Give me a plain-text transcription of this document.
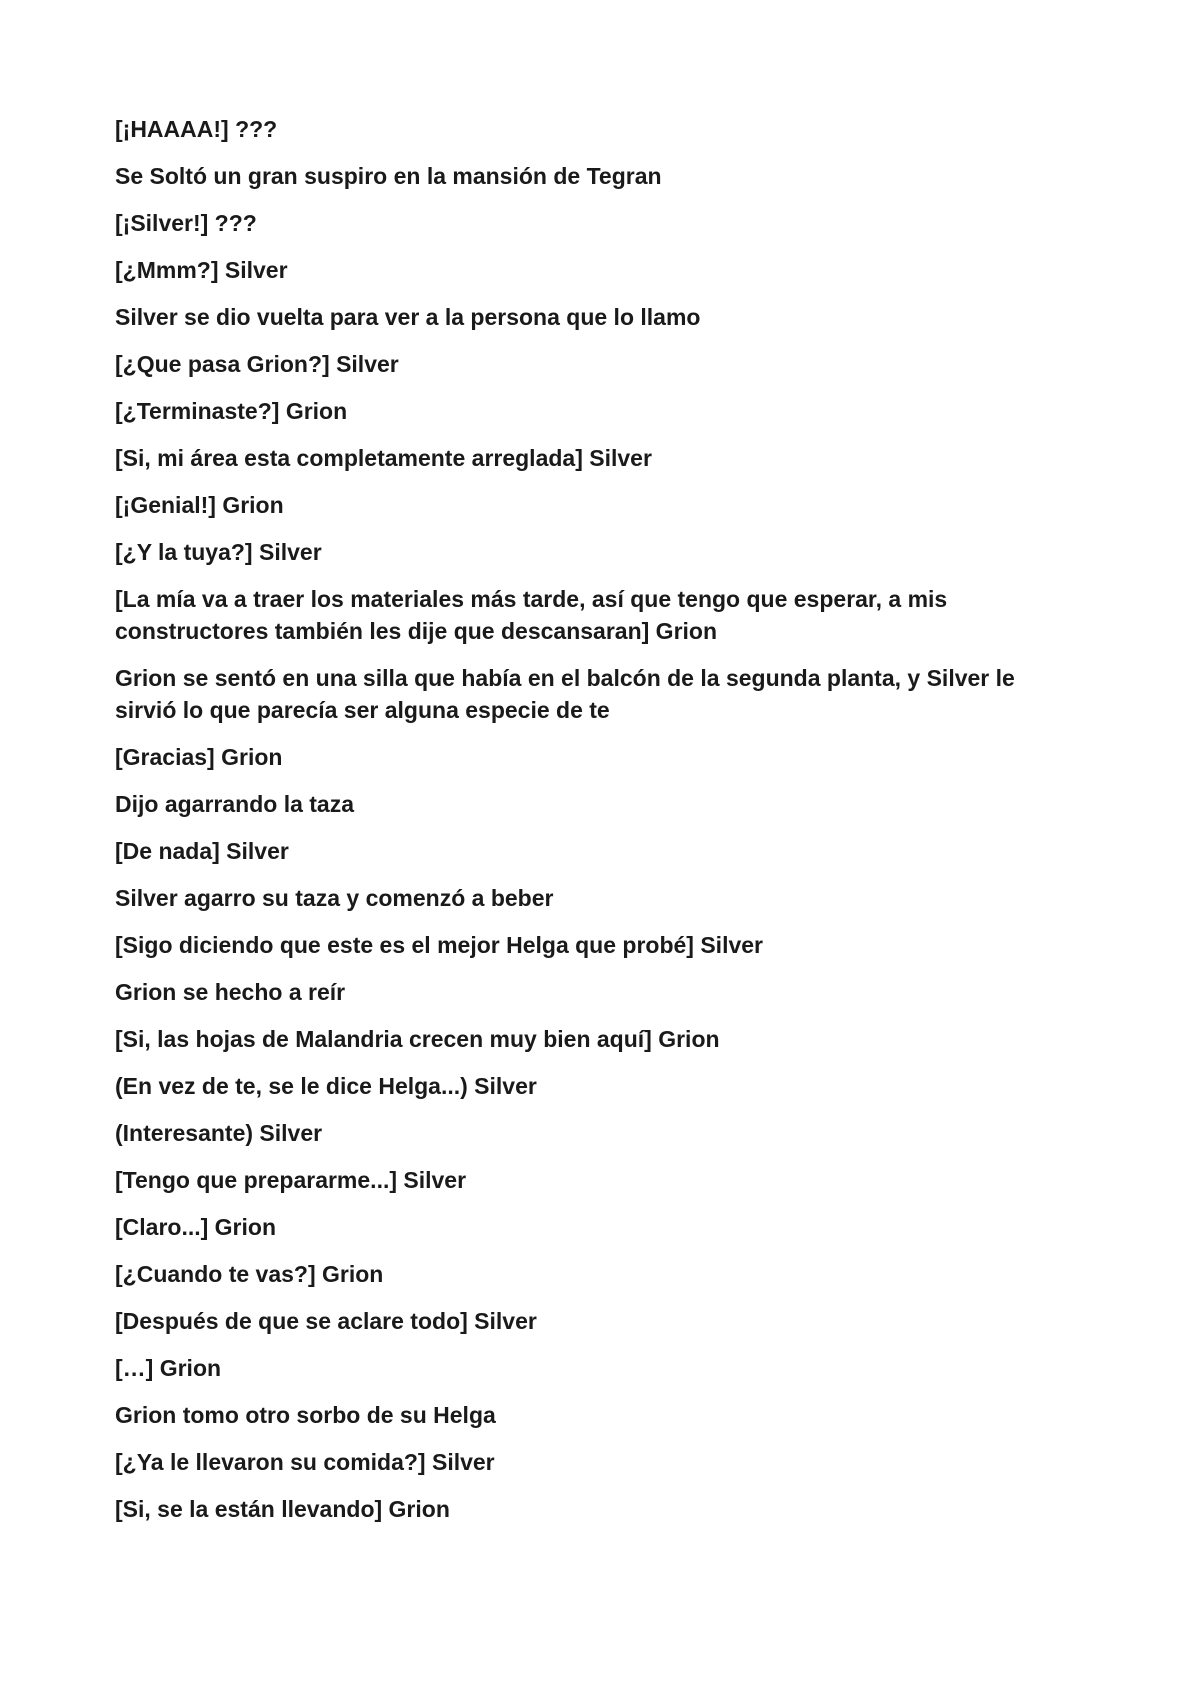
[¡HAAAA!] ???

Se Soltó un gran suspiro en la mansión de Tegran

[¡Silver!] ???

[¿Mmm?] Silver

Silver se dio vuelta para ver a la persona que lo llamo

[¿Que pasa Grion?] Silver

[¿Terminaste?] Grion

[Si, mi área esta completamente arreglada] Silver

[¡Genial!] Grion

[¿Y la tuya?] Silver

[La mía va a traer los materiales más tarde, así que tengo que esperar, a mis constructores también les dije que descansaran] Grion

Grion se sentó en una silla que había en el balcón de la segunda planta, y Silver le sirvió lo que parecía ser alguna especie de te

[Gracias] Grion

Dijo agarrando la taza

[De nada] Silver

Silver agarro su taza y comenzó a beber

[Sigo diciendo que este es el mejor Helga que probé] Silver

Grion se hecho a reír

[Si, las hojas de Malandria crecen muy bien aquí] Grion

(En vez de te, se le dice Helga...) Silver

(Interesante) Silver

[Tengo que prepararme...] Silver

[Claro...] Grion

[¿Cuando te vas?] Grion

[Después de que se aclare todo] Silver

[…] Grion

Grion tomo otro sorbo de su Helga

[¿Ya le llevaron su comida?] Silver

[Si, se la están llevando] Grion
